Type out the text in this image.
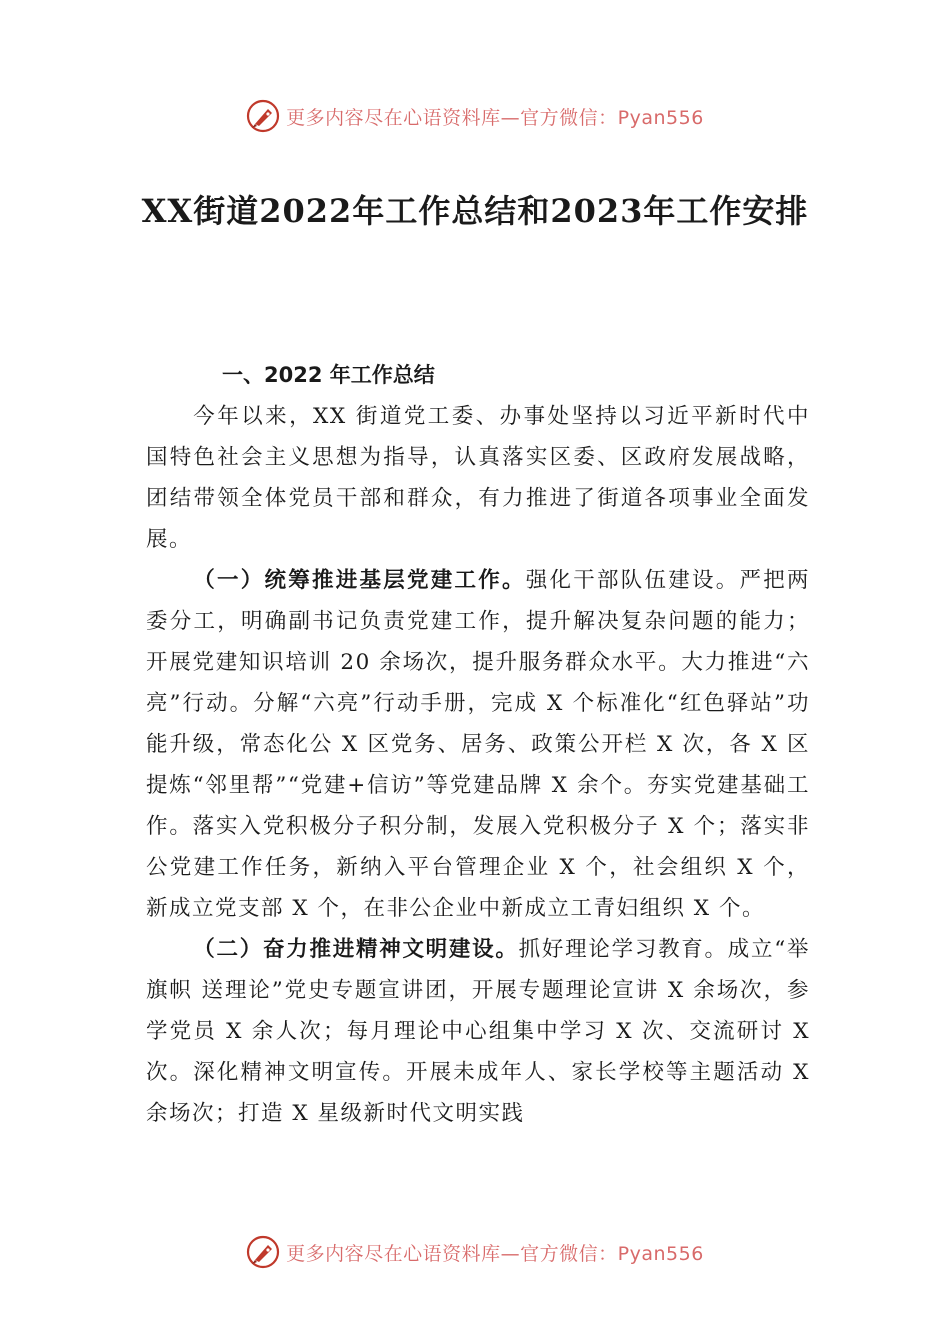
更多内容尽在心语资料库—官方微信：Pyan556
XX街道2022年工作总结和2023年工作安排
一、2022 年工作总结

今年以来，XX 街道党工委、办事处坚持以习近平新时代中国特色社会主义思想为指导，认真落实区委、区政府发展战略，团结带领全体党员干部和群众，有力推进了街道各项事业全面发展。

（一）统筹推进基层党建工作。强化干部队伍建设。严把两委分工，明确副书记负责党建工作，提升解决复杂问题的能力；开展党建知识培训 20 余场次，提升服务群众水平。大力推进“六亮”行动。分解“六亮”行动手册，完成 X 个标准化“红色驿站”功能升级，常态化公 X 区党务、居务、政策公开栏 X 次，各 X 区提炼“邻里帮”“党建+信访”等党建品牌 X 余个。夯实党建基础工作。落实入党积极分子积分制，发展入党积极分子 X 个；落实非公党建工作任务，新纳入平台管理企业 X 个，社会组织 X 个，新成立党支部 X 个，在非公企业中新成立工青妇组织 X 个。

（二）奋力推进精神文明建设。抓好理论学习教育。成立“举旗帜 送理论”党史专题宣讲团，开展专题理论宣讲 X 余场次，参学党员 X 余人次；每月理论中心组集中学习 X 次、交流研讨 X 次。深化精神文明宣传。开展未成年人、家长学校等主题活动 X 余场次；打造 X 星级新时代文明实践

更多内容尽在心语资料库—官方微信：Pyan556
